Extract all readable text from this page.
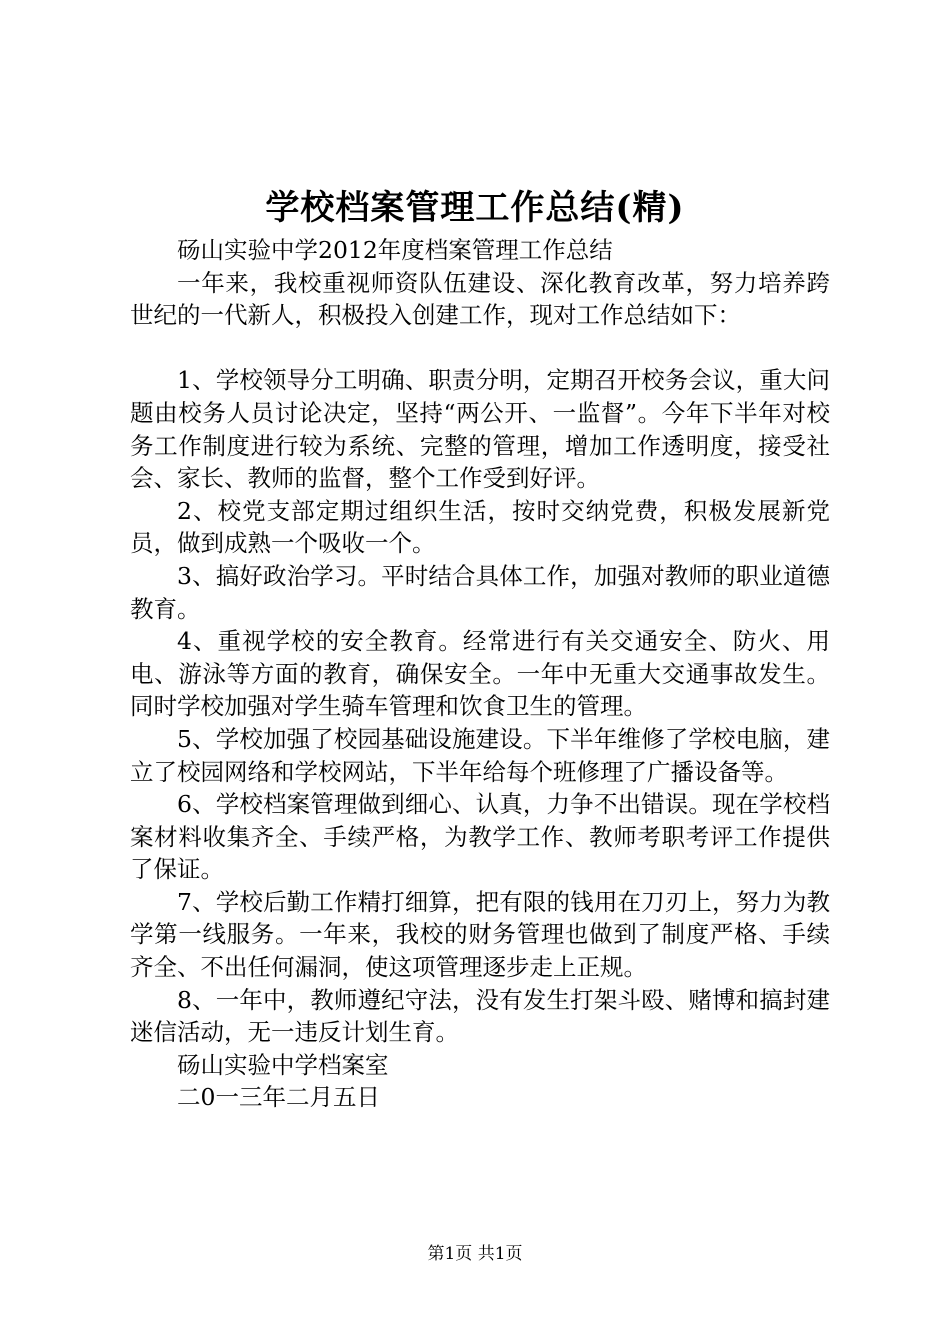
学校档案管理工作总结(精)

砀山实验中学2012年度档案管理工作总结

一年来，我校重视师资队伍建设、深化教育改革，努力培养跨世纪的一代新人，积极投入创建工作，现对工作总结如下：

1、学校领导分工明确、职责分明，定期召开校务会议，重大问题由校务人员讨论决定，坚持“两公开、一监督”。今年下半年对校务工作制度进行较为系统、完整的管理，增加工作透明度，接受社会、家长、教师的监督，整个工作受到好评。

2、校党支部定期过组织生活，按时交纳党费，积极发展新党员，做到成熟一个吸收一个。

3、搞好政治学习。平时结合具体工作，加强对教师的职业道德教育。

4、重视学校的安全教育。经常进行有关交通安全、防火、用电、游泳等方面的教育，确保安全。一年中无重大交通事故发生。同时学校加强对学生骑车管理和饮食卫生的管理。

5、学校加强了校园基础设施建设。下半年维修了学校电脑，建立了校园网络和学校网站，下半年给每个班修理了广播设备等。

6、学校档案管理做到细心、认真，力争不出错误。现在学校档案材料收集齐全、手续严格，为教学工作、教师考职考评工作提供了保证。

7、学校后勤工作精打细算，把有限的钱用在刀刃上，努力为教学第一线服务。一年来，我校的财务管理也做到了制度严格、手续齐全、不出任何漏洞，使这项管理逐步走上正规。

8、一年中，教师遵纪守法，没有发生打架斗殴、赌博和搞封建迷信活动，无一违反计划生育。

砀山实验中学档案室

二0一三年二月五日

第1页 共1页
